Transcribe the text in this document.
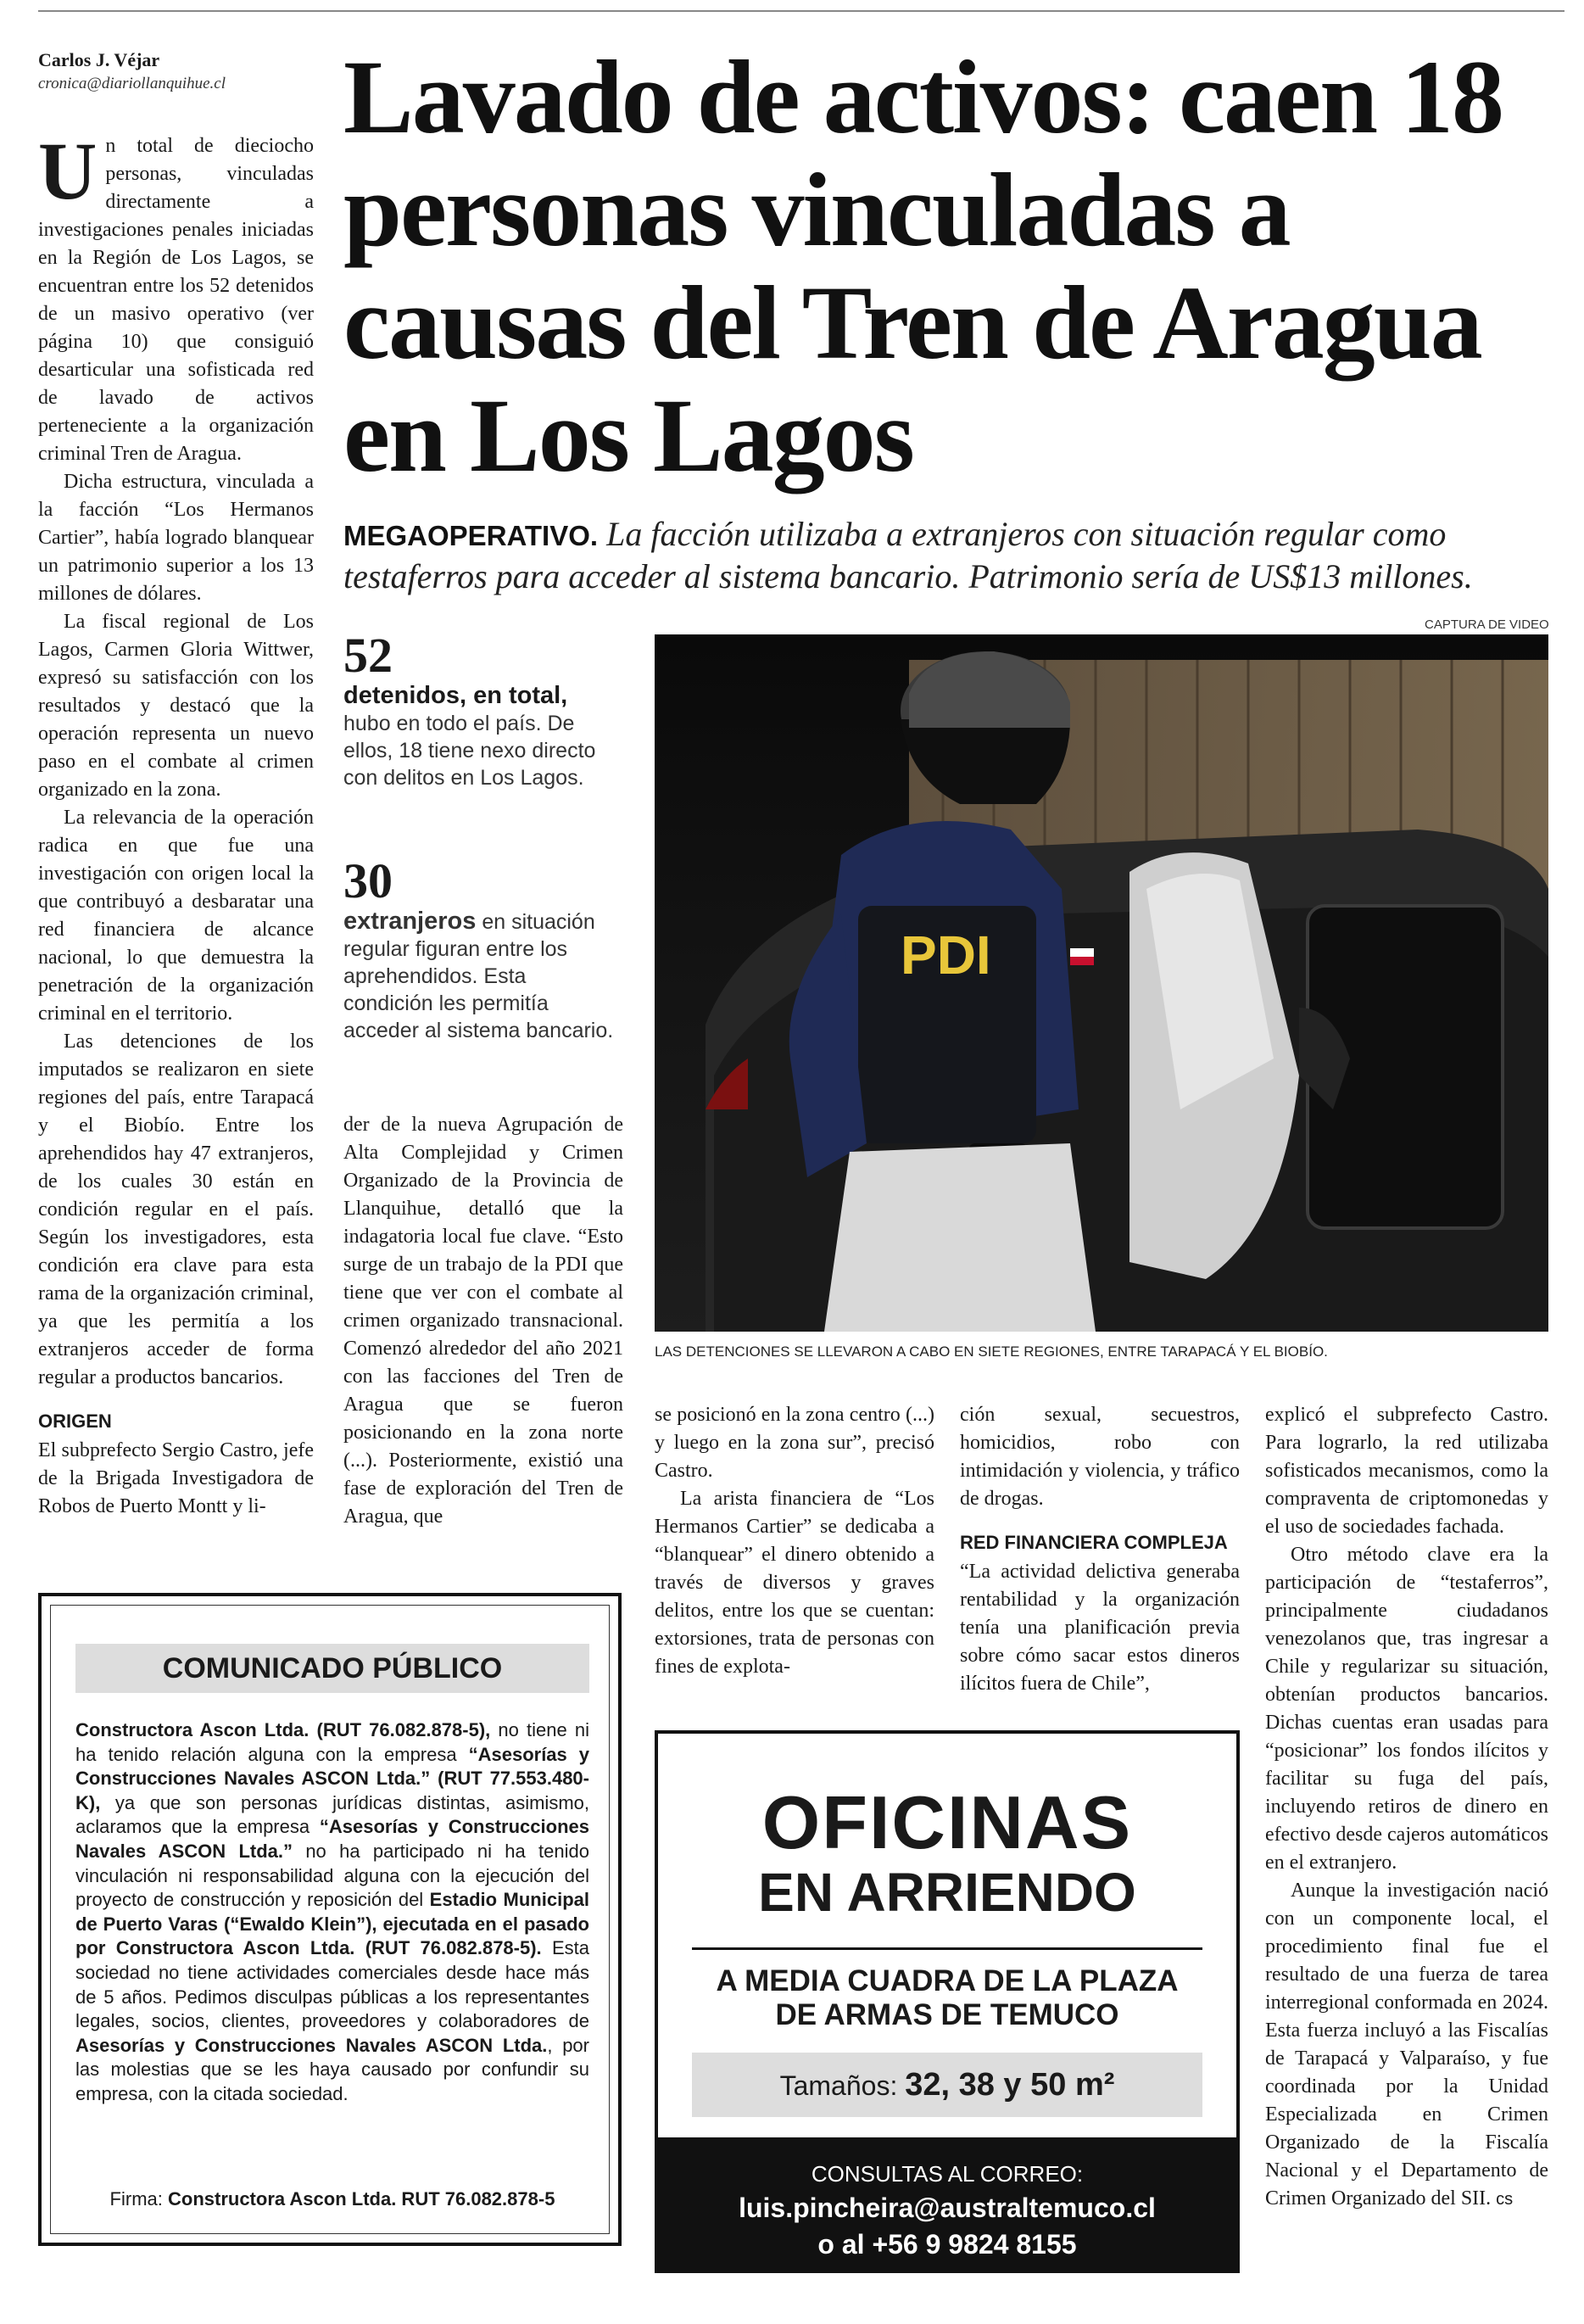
Carlos J. Véjar
cronica@diariollanquihue.cl Lavado de activos: caen 18 personas vinculadas a causas del Tren de Aragua en Los Lagos
MEGAOPERATIVO. La facción utilizaba a extranjeros con situación regular como testaferros para acceder al sistema bancario. Patrimonio sería de US$13 millones.

Un total de dieciocho personas, vinculadas directamente a investigaciones penales iniciadas en la Región de Los Lagos, se encuentran entre los 52 detenidos de un masivo operativo (ver página 10) que consiguió desarticular una sofisticada red de lavado de activos perteneciente a la organización criminal Tren de Aragua.

Dicha estructura, vinculada a la facción “Los Hermanos Cartier”, había logrado blanquear un patrimonio superior a los 13 millones de dólares.

La fiscal regional de Los Lagos, Carmen Gloria Wittwer, expresó su satisfacción con los resultados y destacó que la operación representa un nuevo paso en el combate al crimen organizado en la zona.

La relevancia de la operación radica en que fue una investigación con origen local la que contribuyó a desbaratar una red financiera de alcance nacional, lo que demuestra la penetración de la organización criminal en el territorio.

Las detenciones de los imputados se realizaron en siete regiones del país, entre Tarapacá y el Biobío. Entre los aprehendidos hay 47 extranjeros, de los cuales 30 están en condición regular en el país. Según los investigadores, esta condición era clave para esta rama de la organización criminal, ya que les permitía a los extranjeros acceder de forma regular a productos bancarios.

ORIGEN

El subprefecto Sergio Castro, jefe de la Brigada Investigadora de Robos de Puerto Montt y li-

52
detenidos, en total,
hubo en todo el país. De ellos, 18 tiene nexo directo con delitos en Los Lagos.
30
extranjeros en situación regular figuran entre los aprehendidos. Esta condición les permitía acceder al sistema bancario.

der de la nueva Agrupación de Alta Complejidad y Crimen Organizado de la Provincia de Llanquihue, detalló que la indagatoria local fue clave. “Esto surge de un trabajo de la PDI que tiene que ver con el combate al crimen organizado transnacional. Comenzó alrededor del año 2021 con las facciones del Tren de Aragua que se fueron posicionando en la zona norte (...). Posteriormente, existió una fase de exploración del Tren de Aragua, que

PDI
CAPTURA DE VIDEO
LAS DETENCIONES SE LLEVARON A CABO EN SIETE REGIONES, ENTRE TARAPACÁ Y EL BIOBÍO.

se posicionó en la zona centro (...) y luego en la zona sur”, precisó Castro.

La arista financiera de “Los Hermanos Cartier” se dedicaba a “blanquear” el dinero obtenido a través de diversos y graves delitos, entre los que se cuentan: extorsiones, trata de personas con fines de explota-

ción sexual, secuestros, homicidios, robo con intimidación y violencia, y tráfico de drogas.

RED FINANCIERA COMPLEJA

“La actividad delictiva generaba rentabilidad y la organización tenía una planificación previa sobre cómo sacar estos dineros ilícitos fuera de Chile”,

explicó el subprefecto Castro. Para lograrlo, la red utilizaba sofisticados mecanismos, como la compraventa de criptomonedas y el uso de sociedades fachada.

Otro método clave era la participación de “testaferros”, principalmente ciudadanos venezolanos que, tras ingresar a Chile y regularizar su situación, obtenían productos bancarios. Dichas cuentas eran usadas para “posicionar” los fondos ilícitos y facilitar su fuga del país, incluyendo retiros de dinero en efectivo desde cajeros automáticos en el extranjero.

Aunque la investigación nació con un componente local, el procedimiento final fue el resultado de una fuerza de tarea interregional conformada en 2024. Esta fuerza incluyó a las Fiscalías de Tarapacá y Valparaíso, y fue coordinada por la Unidad Especializada en Crimen Organizado de la Fiscalía Nacional y el Departamento de Crimen Organizado del SII. cs

COMUNICADO PÚBLICO
Constructora Ascon Ltda. (RUT 76.082.878-5), no tiene ni ha tenido relación alguna con la empresa “Asesorías y Construcciones Navales ASCON Ltda.” (RUT 77.553.480-K), ya que son personas jurídicas distintas, asimismo, aclaramos que la empresa “Asesorías y Construcciones Navales ASCON Ltda.” no ha participado ni ha tenido vinculación ni responsabilidad alguna con la ejecución del proyecto de construcción y reposición del Estadio Municipal de Puerto Varas (“Ewaldo Klein”), ejecutada en el pasado por Constructora Ascon Ltda. (RUT 76.082.878-5). Esta sociedad no tiene actividades comerciales desde hace más de 5 años. Pedimos disculpas públicas a los representantes legales, socios, clientes, proveedores y colaboradores de Asesorías y Construcciones Navales ASCON Ltda., por las molestias que se les haya causado por confundir su empresa, con la citada sociedad.
Firma: Constructora Ascon Ltda. RUT 76.082.878-5
OFICINAS
EN ARRIENDO
A MEDIA CUADRA DE LA PLAZA
DE ARMAS DE TEMUCO
Tamaños: 32, 38 y 50 m²
CONSULTAS AL CORREO:
luis.pincheira@australtemuco.cl
o al +56 9 9824 8155
